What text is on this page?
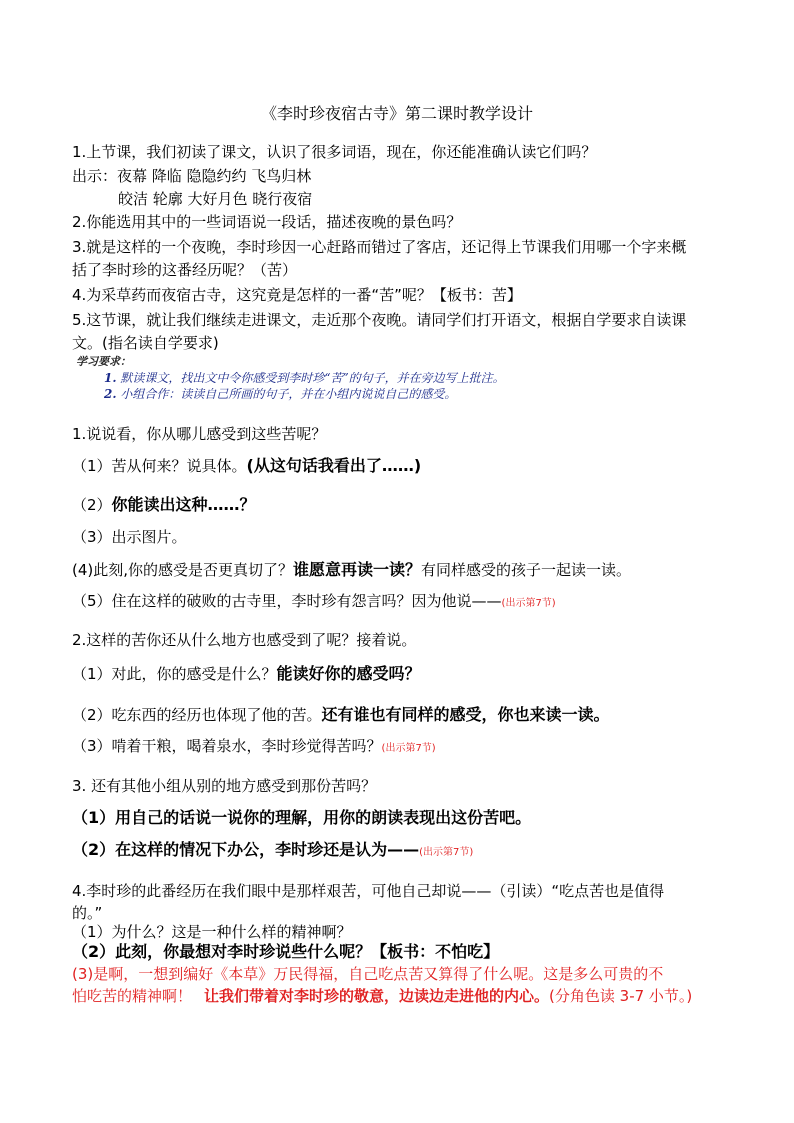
《李时珍夜宿古寺》第二课时教学设计
1.上节课，我们初读了课文，认识了很多词语，现在，你还能准确认读它们吗？
出示：夜幕 降临 隐隐约约 飞鸟归林
皎洁 轮廓 大好月色 晓行夜宿
2.你能选用其中的一些词语说一段话，描述夜晚的景色吗？
3.就是这样的一个夜晚，李时珍因一心赶路而错过了客店，还记得上节课我们用哪一个字来概
括了李时珍的这番经历呢？（苦）
4.为采草药而夜宿古寺，这究竟是怎样的一番“苦”呢？【板书：苦】
5.这节课，就让我们继续走进课文，走近那个夜晚。请同学们打开语文，根据自学要求自读课
文。(指名读自学要求)
学习要求：
1. 默读课文，找出文中令你感受到李时珍“苦”的句子，并在旁边写上批注。
2. 小组合作：读读自己所画的句子，并在小组内说说自己的感受。
1.说说看，你从哪儿感受到这些苦呢？
（1）苦从何来？说具体。(从这句话我看出了……)
（2）你能读出这种……？
（3）出示图片。
(4)此刻,你的感受是否更真切了？谁愿意再读一读？有同样感受的孩子一起读一读。
（5）住在这样的破败的古寺里，李时珍有怨言吗？因为他说——(出示第7节)
2.这样的苦你还从什么地方也感受到了呢？接着说。
（1）对此，你的感受是什么？能读好你的感受吗？
（2）吃东西的经历也体现了他的苦。还有谁也有同样的感受，你也来读一读。
（3）啃着干粮，喝着泉水，李时珍觉得苦吗？(出示第7节)
3. 还有其他小组从别的地方感受到那份苦吗？
（1）用自己的话说一说你的理解，用你的朗读表现出这份苦吧。
（2）在这样的情况下办公，李时珍还是认为——(出示第7节)
4.李时珍的此番经历在我们眼中是那样艰苦，可他自己却说——（引读）“吃点苦也是值得
的。”
（1）为什么？这是一种什么样的精神啊？
（2）此刻，你最想对李时珍说些什么呢？【板书：不怕吃】
(3)是啊，一想到编好《本草》万民得福，自己吃点苦又算得了什么呢。这是多么可贵的不
怕吃苦的精神啊！ 让我们带着对李时珍的敬意，边读边走进他的内心。(分角色读 3-7 小节。)
